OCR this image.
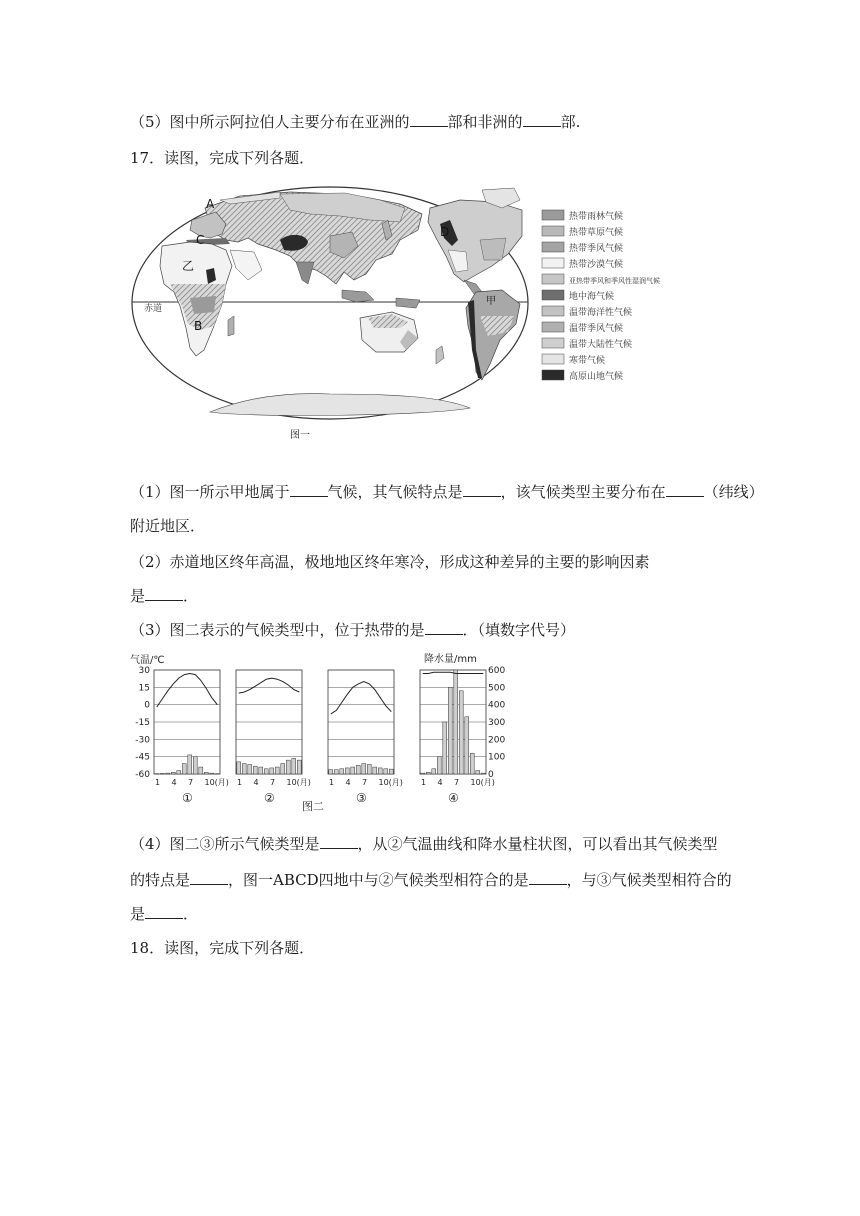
（5）图中所示阿拉伯人主要分布在亚洲的	部和非洲的	部.
17．读图，完成下列各题．
赤道
A
C
乙
B
D
甲
图一
热带雨林气候
热带草原气候
热带季风气候
热带沙漠气候
亚热带季风和季风性湿润气候
地中海气候
温带海洋性气候
温带季风气候
温带大陆性气候
寒带气候
高原山地气候
（1）图一所示甲地属于	气候，其气候特点是	，该气候类型主要分布在	（纬线）
附近地区．
（2）赤道地区终年高温，极地地区终年寒冷，形成这种差异的主要的影响因素
是	．
（3）图二表示的气候类型中，位于热带的是	．（填数字代号）
气温/℃	降水量/mm
图二
30
15
0
-15
-30
-45
-60
600
500
400
300
200
100
0
1 4 7 10(月)
①
1 4 7 10(月)
②
1 4 7 10(月)
③
1 4 7 10(月)
④
（4）图二③所示气候类型是	，从②气温曲线和降水量柱状图，可以看出其气候类型
的特点是	，图一ABCD四地中与②气候类型相符合的是	，与③气候类型相符合的
是	．
18．读图，完成下列各题．
